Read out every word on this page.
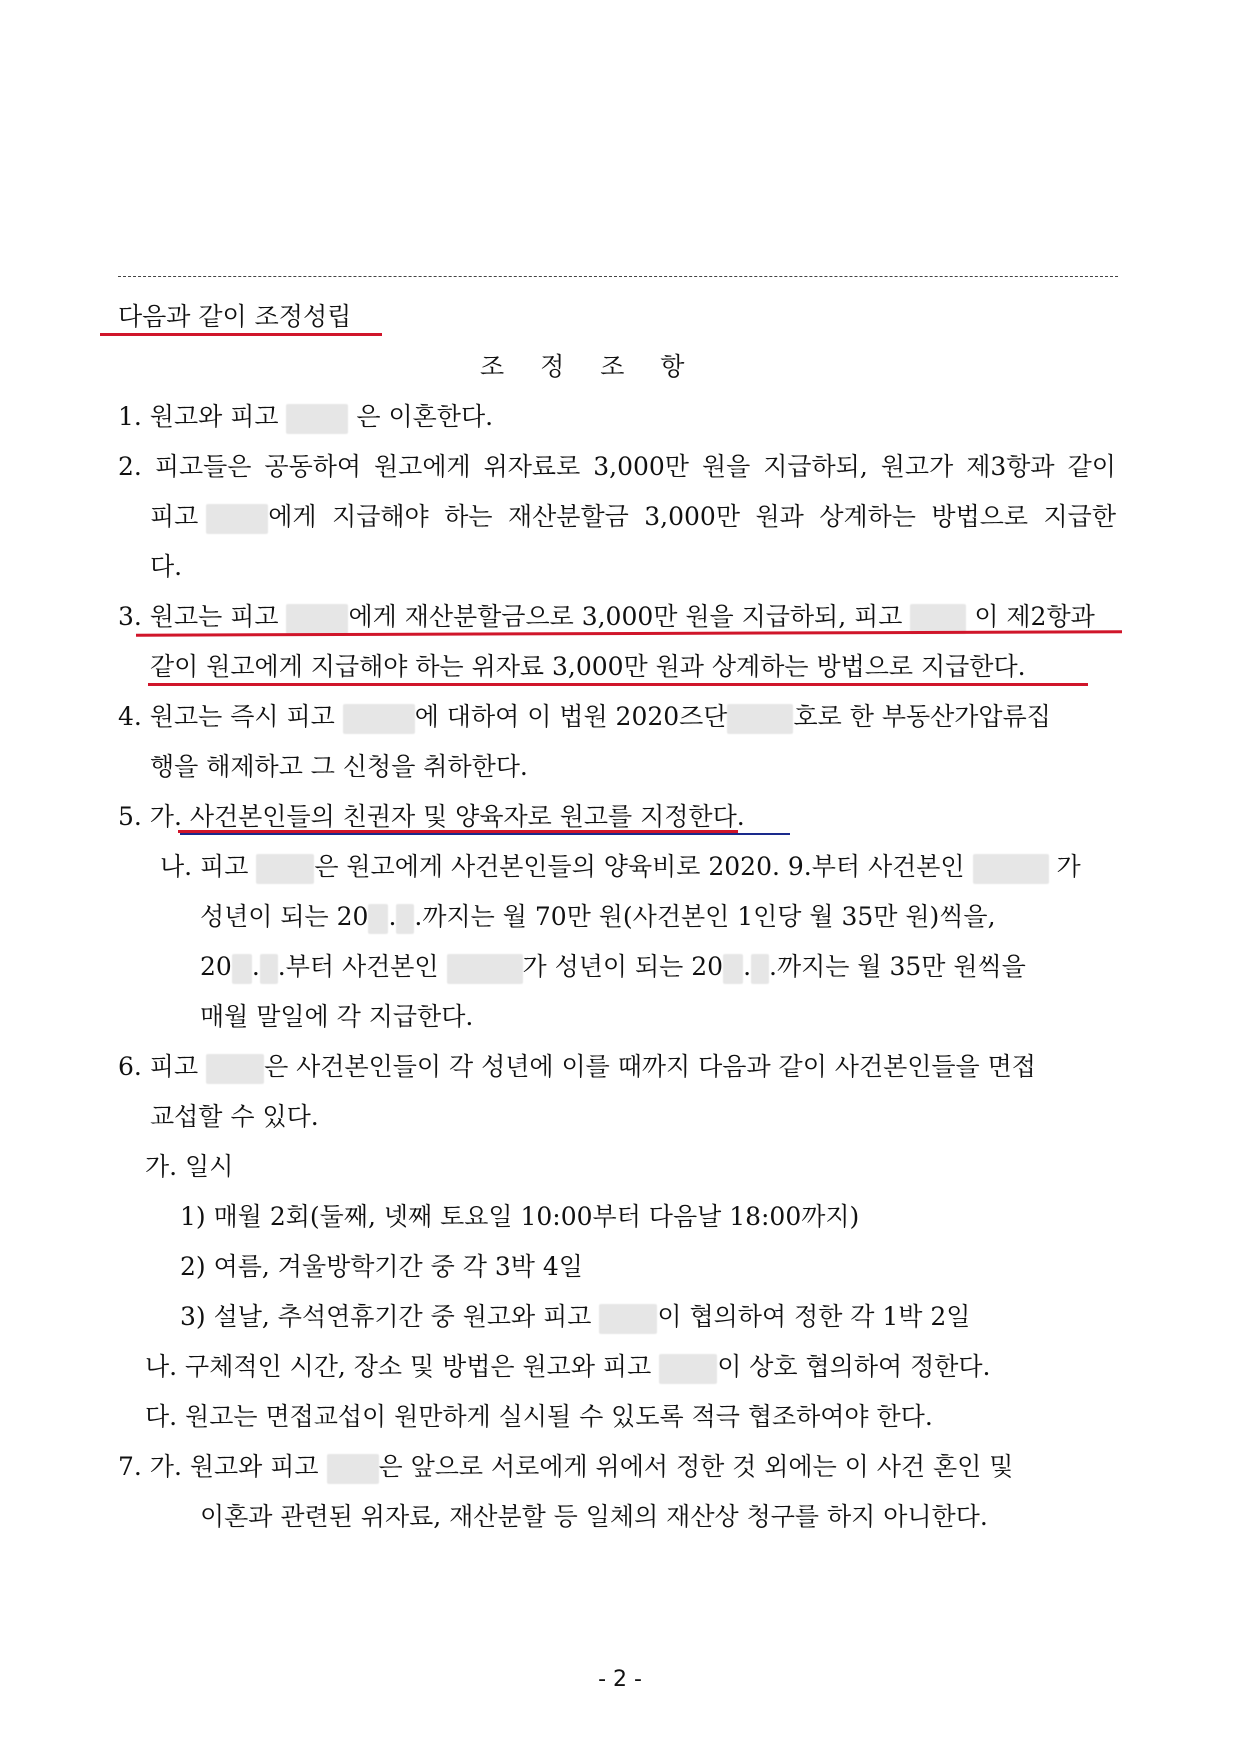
다음과 같이 조정성립
조 정 조 항
1. 원고와 피고	은 이혼한다.
2. 피고들은 공동하여 원고에게 위자료로 3,000만 원을 지급하되, 원고가 제3항과 같이
피고	에게 지급해야 하는 재산분할금 3,000만 원과 상계하는 방법으로 지급한
다.
3. 원고는 피고	에게 재산분할금으로 3,000만 원을 지급하되, 피고	이 제2항과
같이 원고에게 지급해야 하는 위자료 3,000만 원과 상계하는 방법으로 지급한다.
4. 원고는 즉시 피고	에 대하여 이 법원 2020즈단	호로 한 부동산가압류집
행을 해제하고 그 신청을 취하한다.
5. 가. 사건본인들의 친권자 및 양육자로 원고를 지정한다.
나. 피고	은 원고에게 사건본인들의 양육비로 2020. 9.부터 사건본인	가
성년이 되는 20 . .까지는 월 70만 원(사건본인 1인당 월 35만 원)씩을,
20 . .부터 사건본인	가 성년이 되는 20 . .까지는 월 35만 원씩을
매월 말일에 각 지급한다.
6. 피고	은 사건본인들이 각 성년에 이를 때까지 다음과 같이 사건본인들을 면접
교섭할 수 있다.
가. 일시
1) 매월 2회(둘째, 넷째 토요일 10:00부터 다음날 18:00까지)
2) 여름, 겨울방학기간 중 각 3박 4일
3) 설날, 추석연휴기간 중 원고와 피고	이 협의하여 정한 각 1박 2일
나. 구체적인 시간, 장소 및 방법은 원고와 피고	이 상호 협의하여 정한다.
다. 원고는 면접교섭이 원만하게 실시될 수 있도록 적극 협조하여야 한다.
7. 가. 원고와 피고 은 앞으로 서로에게 위에서 정한 것 외에는 이 사건 혼인 및
이혼과 관련된 위자료, 재산분할 등 일체의 재산상 청구를 하지 아니한다.
- 2 -
